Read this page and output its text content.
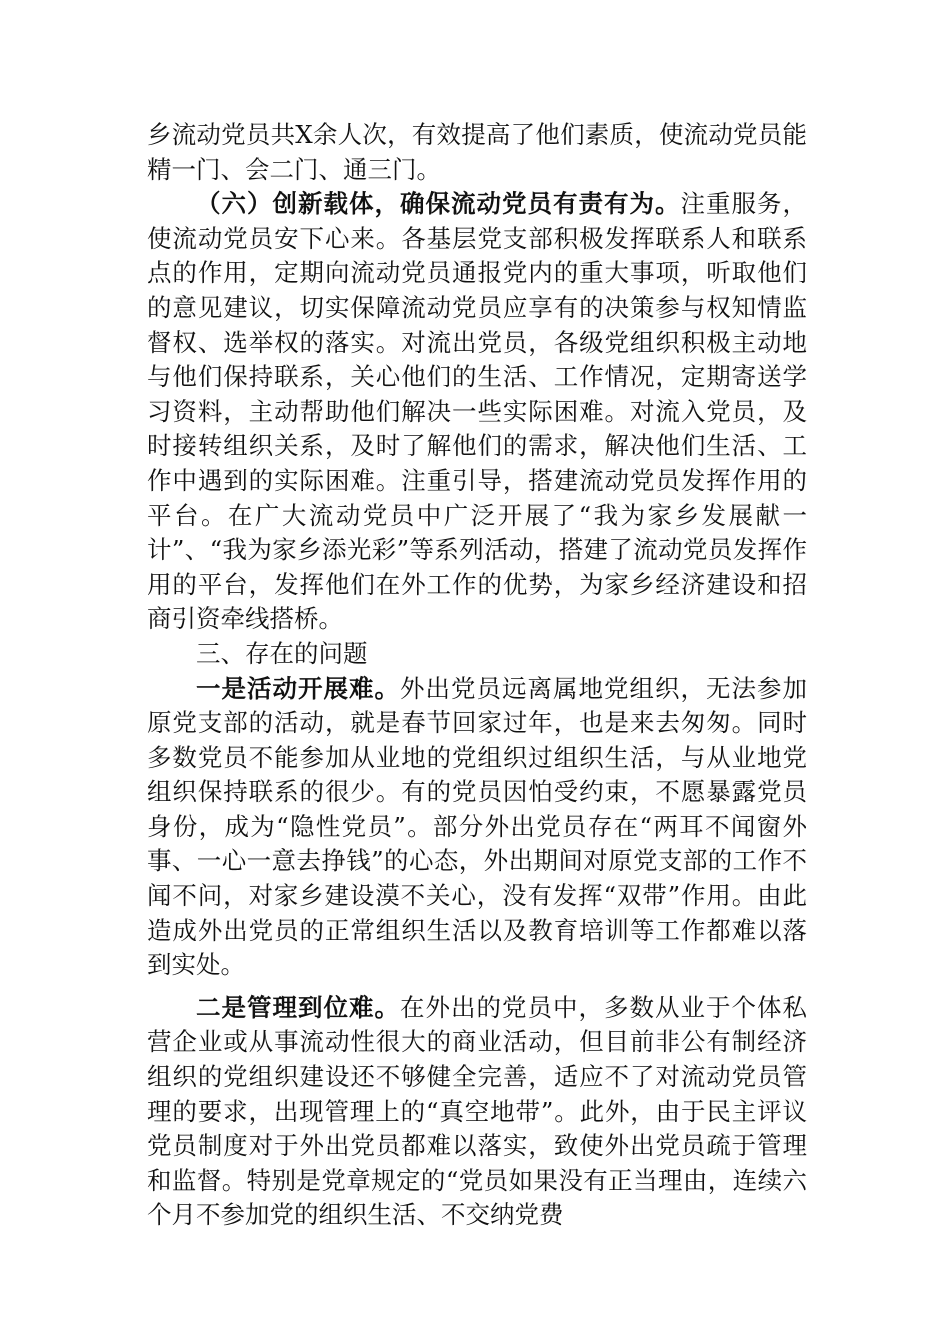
乡流动党员共X余人次，有效提高了他们素质，使流动党员能精一门、会二门、通三门。

（六）创新载体，确保流动党员有责有为。注重服务，使流动党员安下心来。各基层党支部积极发挥联系人和联系点的作用，定期向流动党员通报党内的重大事项，听取他们的意见建议，切实保障流动党员应享有的决策参与权知情监督权、选举权的落实。对流出党员，各级党组织积极主动地与他们保持联系，关心他们的生活、工作情况，定期寄送学习资料，主动帮助他们解决一些实际困难。对流入党员，及时接转组织关系，及时了解他们的需求，解决他们生活、工作中遇到的实际困难。注重引导，搭建流动党员发挥作用的平台。在广大流动党员中广泛开展了“我为家乡发展献一计”、“我为家乡添光彩”等系列活动，搭建了流动党员发挥作用的平台，发挥他们在外工作的优势，为家乡经济建设和招商引资牵线搭桥。

三、存在的问题

一是活动开展难。外出党员远离属地党组织，无法参加原党支部的活动，就是春节回家过年，也是来去匆匆。同时多数党员不能参加从业地的党组织过组织生活，与从业地党组织保持联系的很少。有的党员因怕受约束，不愿暴露党员身份，成为“隐性党员”。部分外出党员存在“两耳不闻窗外事、一心一意去挣钱”的心态，外出期间对原党支部的工作不闻不问，对家乡建设漠不关心，没有发挥“双带”作用。由此造成外出党员的正常组织生活以及教育培训等工作都难以落到实处。

二是管理到位难。在外出的党员中，多数从业于个体私营企业或从事流动性很大的商业活动，但目前非公有制经济组织的党组织建设还不够健全完善，适应不了对流动党员管理的要求，出现管理上的“真空地带”。此外，由于民主评议党员制度对于外出党员都难以落实，致使外出党员疏于管理和监督。特别是党章规定的“党员如果没有正当理由，连续六个月不参加党的组织生活、不交纳党费
